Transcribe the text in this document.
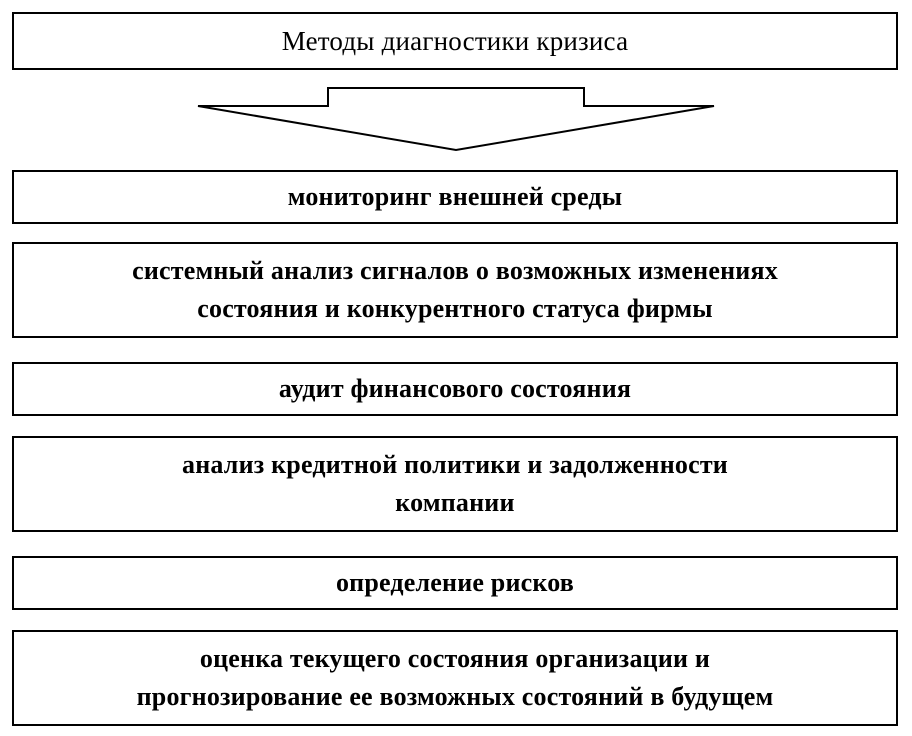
Методы диагностики кризиса
мониторинг внешней среды
системный анализ сигналов о возможных изменениях
состояния и конкурентного статуса фирмы
аудит финансового состояния
анализ кредитной политики и задолженности
компании
определение рисков
оценка текущего состояния организации и
прогнозирование ее возможных состояний в будущем
